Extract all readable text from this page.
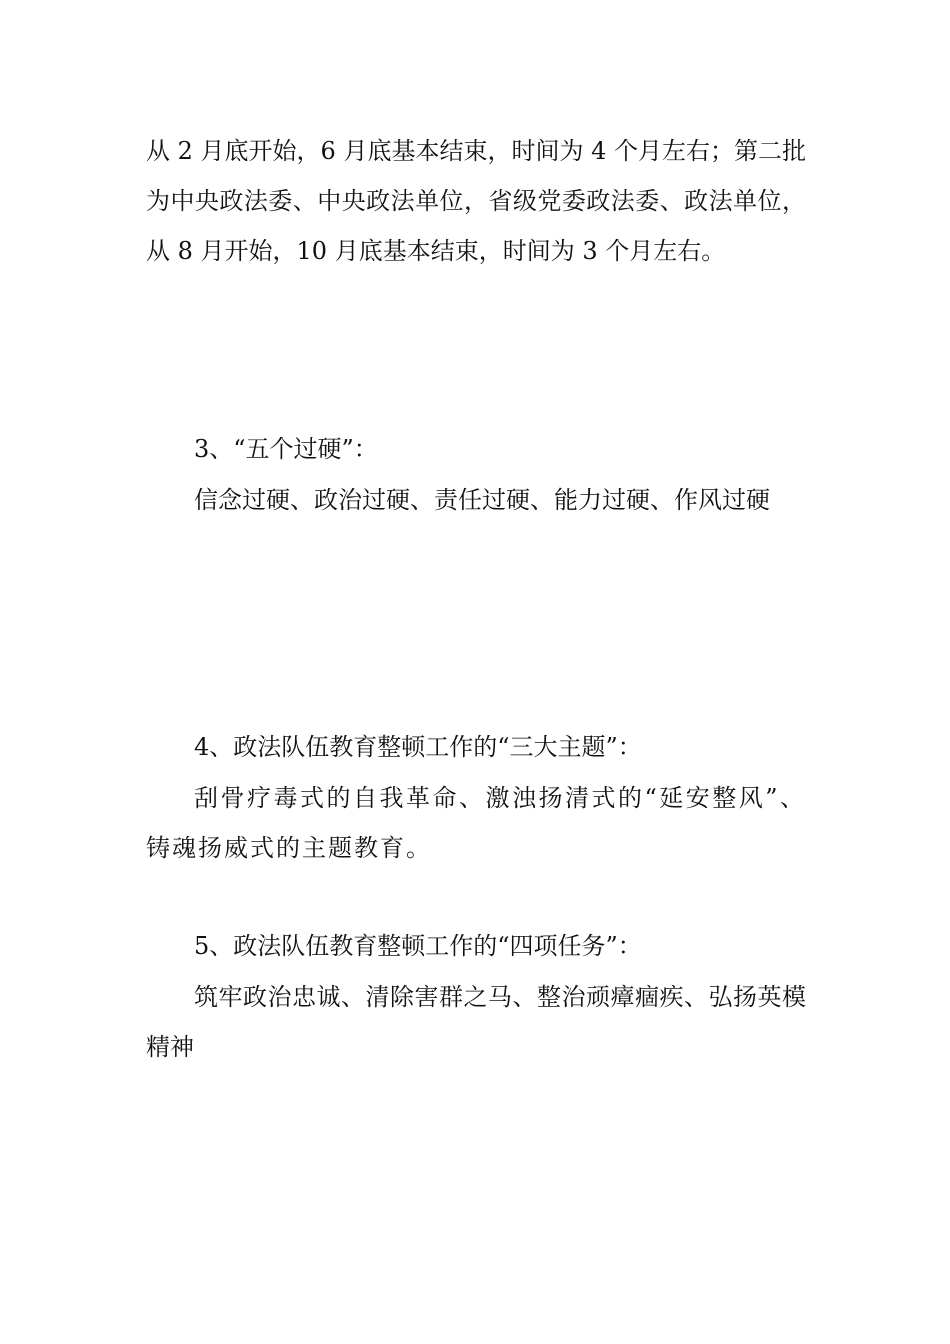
从 2 月底开始，6 月底基本结束，时间为 4 个月左右；第二批为中央政法委、中央政法单位，省级党委政法委、政法单位，从 8 月开始，10 月底基本结束，时间为 3 个月左右。

3、“五个过硬”：

信念过硬、政治过硬、责任过硬、能力过硬、作风过硬

4、政法队伍教育整顿工作的“三大主题”：

刮骨疗毒式的自我革命、激浊扬清式的“延安整风”、铸魂扬威式的主题教育。

5、政法队伍教育整顿工作的“四项任务”：

筑牢政治忠诚、清除害群之马、整治顽瘴痼疾、弘扬英模精神
